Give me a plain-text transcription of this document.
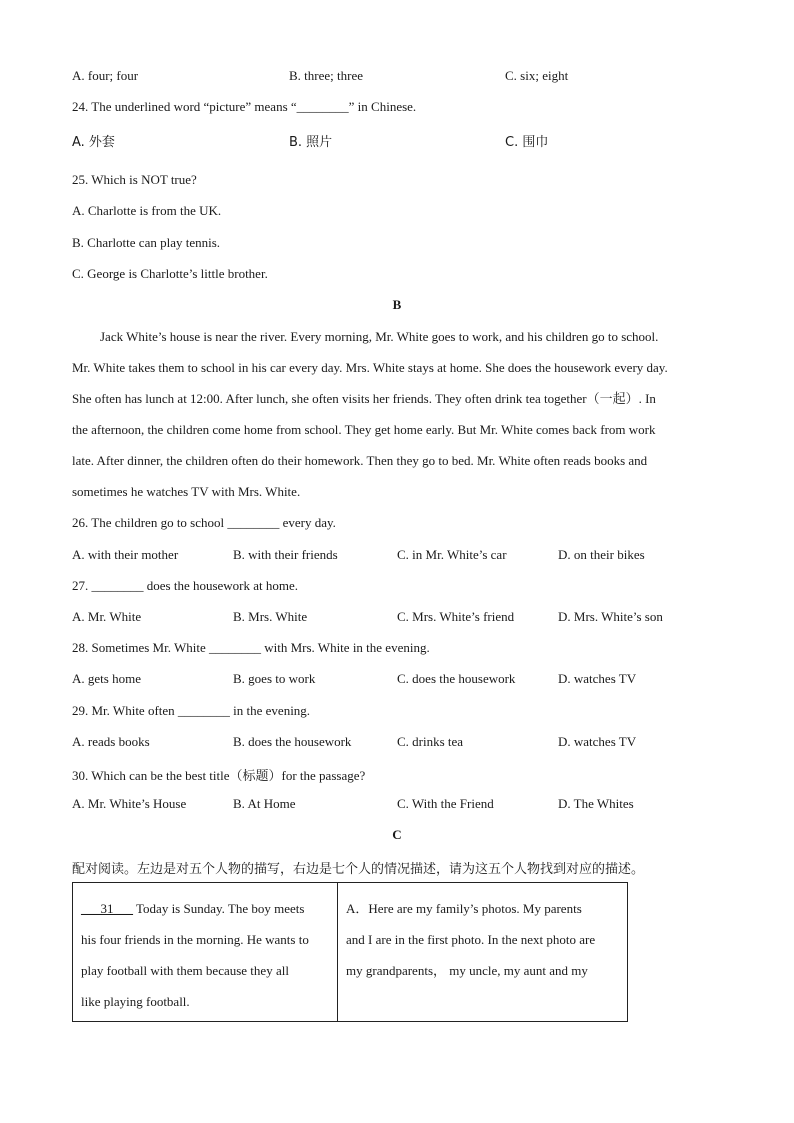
A. four; four	B. three; three	C. six; eight
24. The underlined word “picture” means “________” in Chinese.
A. 外套	B. 照片	C. 围巾
25. Which is NOT true?
A. Charlotte is from the UK.
B. Charlotte can play tennis.
C. George is Charlotte’s little brother.
B

Jack White’s house is near the river. Every morning, Mr. White goes to work, and his children go to school.

Mr. White takes them to school in his car every day. Mrs. White stays at home. She does the housework every day.

She often has lunch at 12:00. After lunch, she often visits her friends. They often drink tea together（一起）. In

the afternoon, the children come home from school. They get home early. But Mr. White comes back from work

late. After dinner, the children often do their homework. Then they go to bed. Mr. White often reads books and

sometimes he watches TV with Mrs. White.

26. The children go to school ________ every day.
A. with their mother	B. with their friends	C. in Mr. White’s car	D. on their bikes
27. ________ does the housework at home.
A. Mr. White	B. Mrs. White	C. Mrs. White’s friend	D. Mrs. White’s son
28. Sometimes Mr. White ________ with Mrs. White in the evening.
A. gets home	B. goes to work	C. does the housework	D. watches TV
29. Mr. White often ________ in the evening.
A. reads books	B. does the housework	C. drinks tea	D. watches TV
30. Which can be the best title（标题）for the passage?
A. Mr. White’s House	B. At Home	C. With the Friend	D. The Whites
C
配对阅读。左边是对五个人物的描写，右边是七个人的情况描述，请为这五个人物找到对应的描述。
___31___ Today is Sunday. The boy meets
his four friends in the morning. He wants to
play football with them because they all
like playing football.

A．Here are my family’s photos. My parents
and I are in the first photo. In the next photo are
my grandparents， my uncle, my aunt and my
